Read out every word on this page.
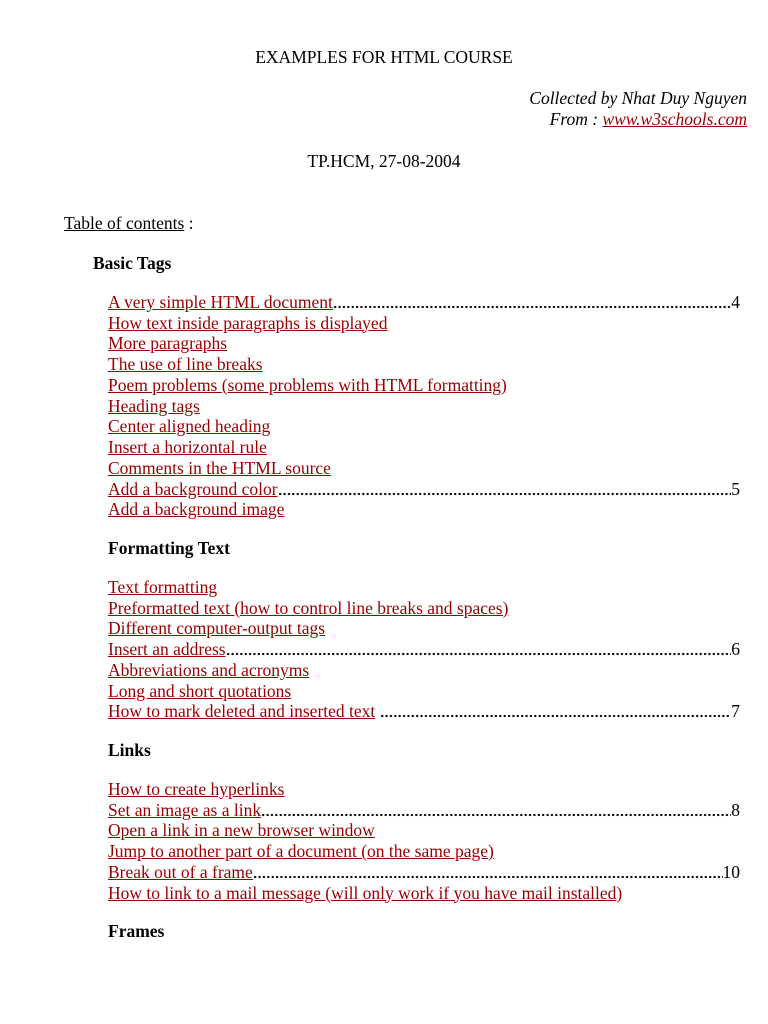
EXAMPLES FOR HTML COURSE
Collected by Nhat Duy Nguyen
From : www.w3schools.com
TP.HCM, 27-08-2004
Table of contents :
Basic Tags
A very simple HTML document	4
How text inside paragraphs is displayed
More paragraphs
The use of line breaks
Poem problems (some problems with HTML formatting)
Heading tags
Center aligned heading
Insert a horizontal rule
Comments in the HTML source
Add a background color	5
Add a background image
Formatting Text
Text formatting
Preformatted text (how to control line breaks and spaces)
Different computer-output tags
Insert an address	6
Abbreviations and acronyms
Long and short quotations
How to mark deleted and inserted text	7
Links
How to create hyperlinks
Set an image as a link	8
Open a link in a new browser window
Jump to another part of a document (on the same page)
Break out of a frame	10
How to link to a mail message (will only work if you have mail installed)
Frames
